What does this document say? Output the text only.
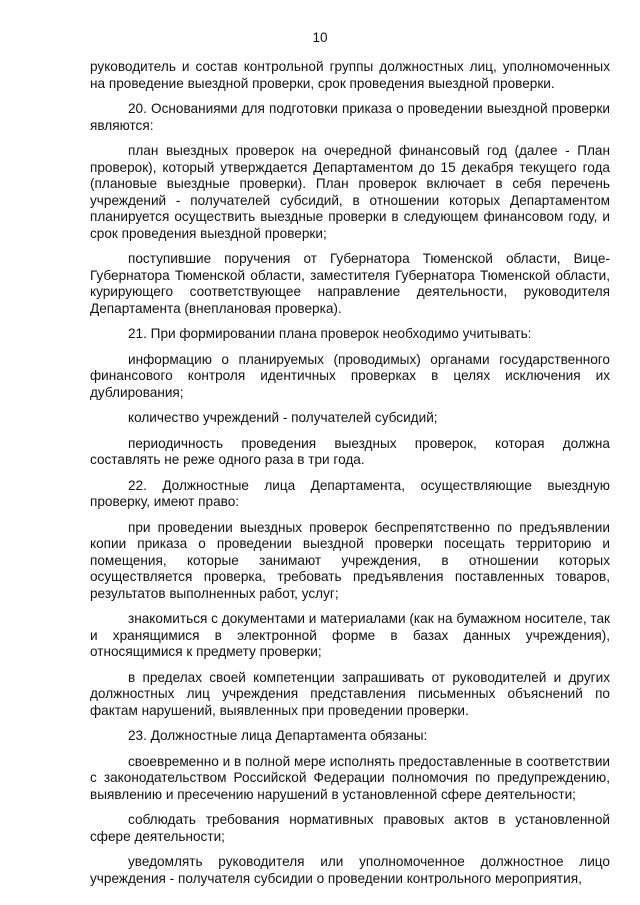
10

руководитель и состав контрольной группы должностных лиц, уполномоченных на проведение выездной проверки, срок проведения выездной проверки.

20. Основаниями для подготовки приказа о проведении выездной проверки являются:

план выездных проверок на очередной финансовый год (далее - План проверок), который утверждается Департаментом до 15 декабря текущего года (плановые выездные проверки). План проверок включает в себя перечень учреждений - получателей субсидий, в отношении которых Департаментом планируется осуществить выездные проверки в следующем финансовом году, и срок проведения выездной проверки;

поступившие поручения от Губернатора Тюменской области, Вице-Губернатора Тюменской области, заместителя Губернатора Тюменской области, курирующего соответствующее направление деятельности, руководителя Департамента (внеплановая проверка).

21. При формировании плана проверок необходимо учитывать:

информацию о планируемых (проводимых) органами государственного финансового контроля идентичных проверках в целях исключения их дублирования;

количество учреждений - получателей субсидий;

периодичность проведения выездных проверок, которая должна составлять не реже одного раза в три года.

22. Должностные лица Департамента, осуществляющие выездную проверку, имеют право:

при проведении выездных проверок беспрепятственно по предъявлении копии приказа о проведении выездной проверки посещать территорию и помещения, которые занимают учреждения, в отношении которых осуществляется проверка, требовать предъявления поставленных товаров, результатов выполненных работ, услуг;

знакомиться с документами и материалами (как на бумажном носителе, так и хранящимися в электронной форме в базах данных учреждения), относящимися к предмету проверки;

в пределах своей компетенции запрашивать от руководителей и других должностных лиц учреждения представления письменных объяснений по фактам нарушений, выявленных при проведении проверки.

23. Должностные лица Департамента обязаны:

своевременно и в полной мере исполнять предоставленные в соответствии с законодательством Российской Федерации полномочия по предупреждению, выявлению и пресечению нарушений в установленной сфере деятельности;

соблюдать требования нормативных правовых актов в установленной сфере деятельности;

уведомлять руководителя или уполномоченное должностное лицо учреждения - получателя субсидии о проведении контрольного мероприятия,
